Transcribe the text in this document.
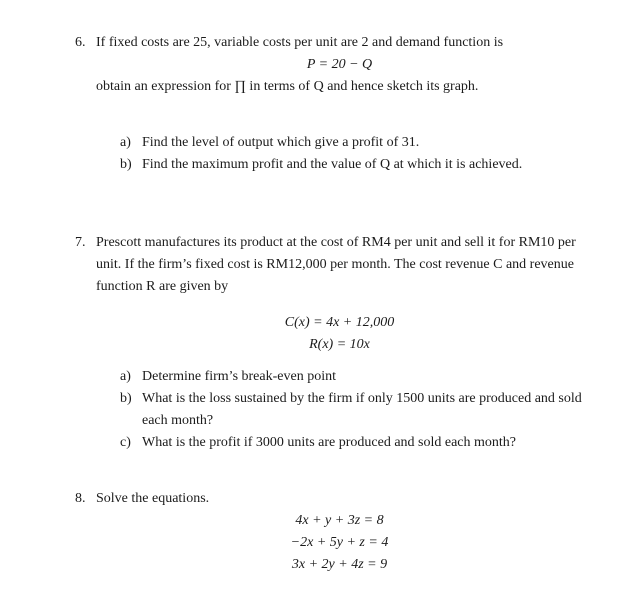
6. If fixed costs are 25, variable costs per unit are 2 and demand function is
P = 20 − Q
obtain an expression for ∏ in terms of Q and hence sketch its graph.
a) Find the level of output which give a profit of 31.
b) Find the maximum profit and the value of Q at which it is achieved.
7. Prescott manufactures its product at the cost of RM4 per unit and sell it for RM10 per unit. If the firm’s fixed cost is RM12,000 per month. The cost revenue C and revenue function R are given by
C(x) = 4x + 12,000
R(x) = 10x
a) Determine firm’s break-even point
b) What is the loss sustained by the firm if only 1500 units are produced and sold each month?
c) What is the profit if 3000 units are produced and sold each month?
8. Solve the equations.
4x + y + 3z = 8
−2x + 5y + z = 4
3x + 2y + 4z = 9
